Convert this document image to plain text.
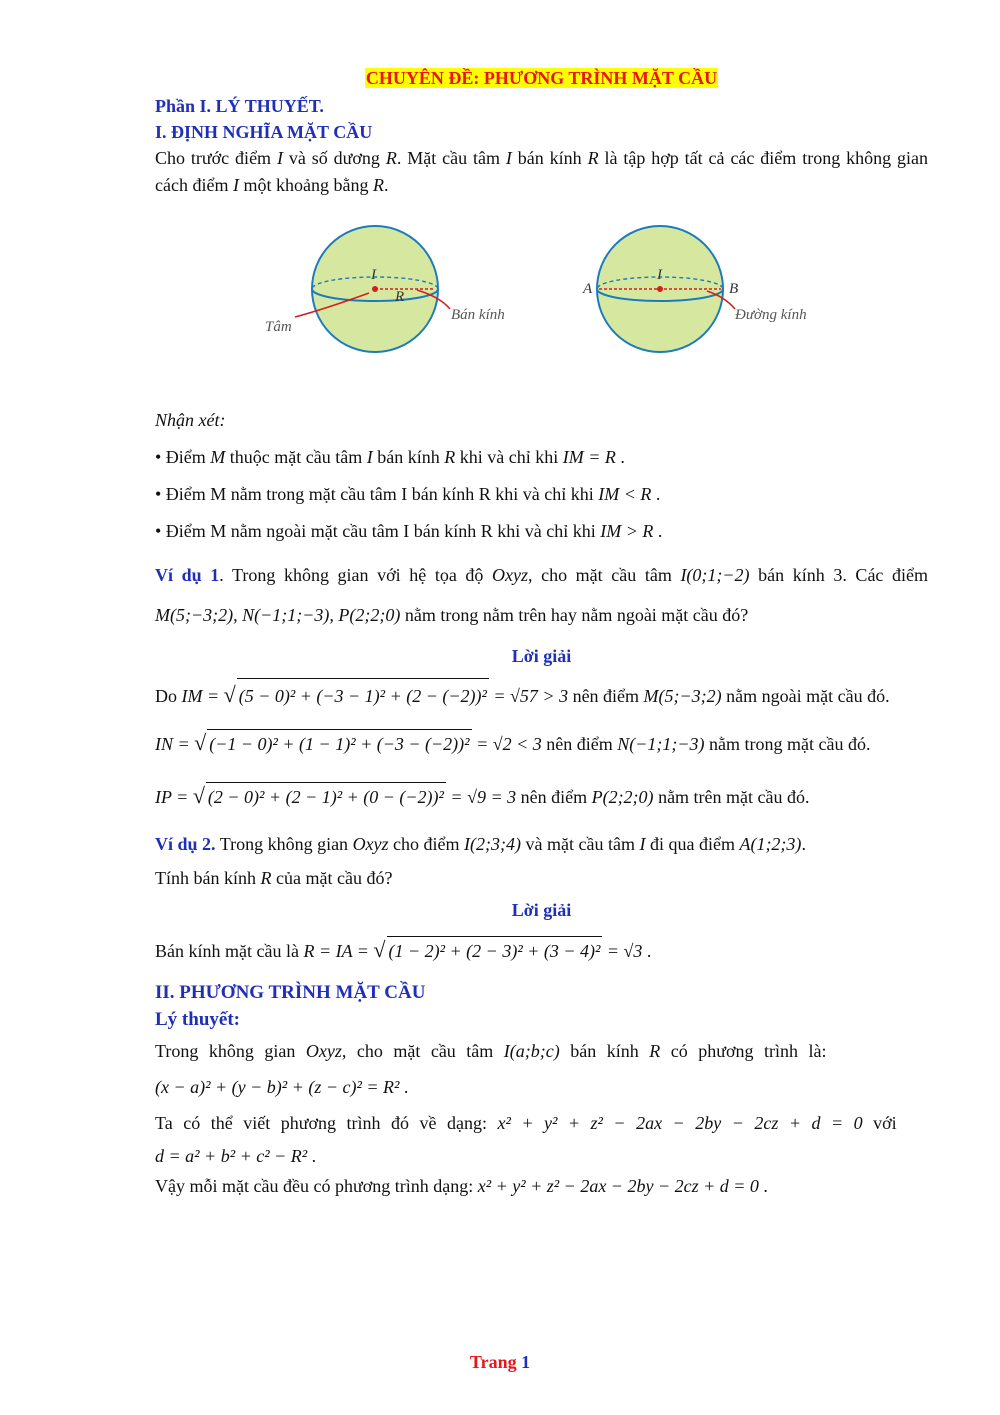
CHUYÊN ĐỀ: PHƯƠNG TRÌNH MẶT CẦU
Phần I. LÝ THUYẾT.
I. ĐỊNH NGHĨA MẶT CẦU

Cho trước điểm I và số dương R. Mặt cầu tâm I bán kính R là tập hợp tất cả các điểm trong không gian cách điểm I một khoảng bằng R.

Tâm
Bán kính
I
R
I
A	B
Đường kính

Nhận xét:

• Điểm M thuộc mặt cầu tâm I bán kính R khi và chỉ khi IM = R .

• Điểm M nằm trong mặt cầu tâm I bán kính R khi và chỉ khi IM < R .

• Điểm M nằm ngoài mặt cầu tâm I bán kính R khi và chỉ khi IM > R .

Ví dụ 1. Trong không gian với hệ tọa độ Oxyz, cho mặt cầu tâm I(0;1;−2) bán kính 3. Các điểm M(5;−3;2), N(−1;1;−3), P(2;2;0) nằm trong nằm trên hay nằm ngoài mặt cầu đó?

Lời giải

Do IM = √ (5 − 0)² + (−3 − 1)² + (2 − (−2))² = √57 > 3 nên điểm M(5;−3;2) nằm ngoài mặt cầu đó.

IN = √ (−1 − 0)² + (1 − 1)² + (−3 − (−2))² = √2 < 3 nên điểm N(−1;1;−3) nằm trong mặt cầu đó.

IP = √ (2 − 0)² + (2 − 1)² + (0 − (−2))² = √9 = 3 nên điểm P(2;2;0) nằm trên mặt cầu đó.

Ví dụ 2. Trong không gian Oxyz cho điểm I(2;3;4) và mặt cầu tâm I đi qua điểm A(1;2;3).
Tính bán kính R của mặt cầu đó?

Lời giải

Bán kính mặt cầu là R = IA = √ (1 − 2)² + (2 − 3)² + (3 − 4)² = √3 .

II. PHƯƠNG TRÌNH MẶT CẦU
Lý thuyết:

Trong không gian Oxyz, cho mặt cầu tâm I(a;b;c) bán kính R có phương trình là:

(x − a)² + (y − b)² + (z − c)² = R² .

Ta có thể viết phương trình đó về dạng: x² + y² + z² − 2ax − 2by − 2cz + d = 0 với

d = a² + b² + c² − R² .

Vậy mỗi mặt cầu đều có phương trình dạng: x² + y² + z² − 2ax − 2by − 2cz + d = 0 .

Trang 1
